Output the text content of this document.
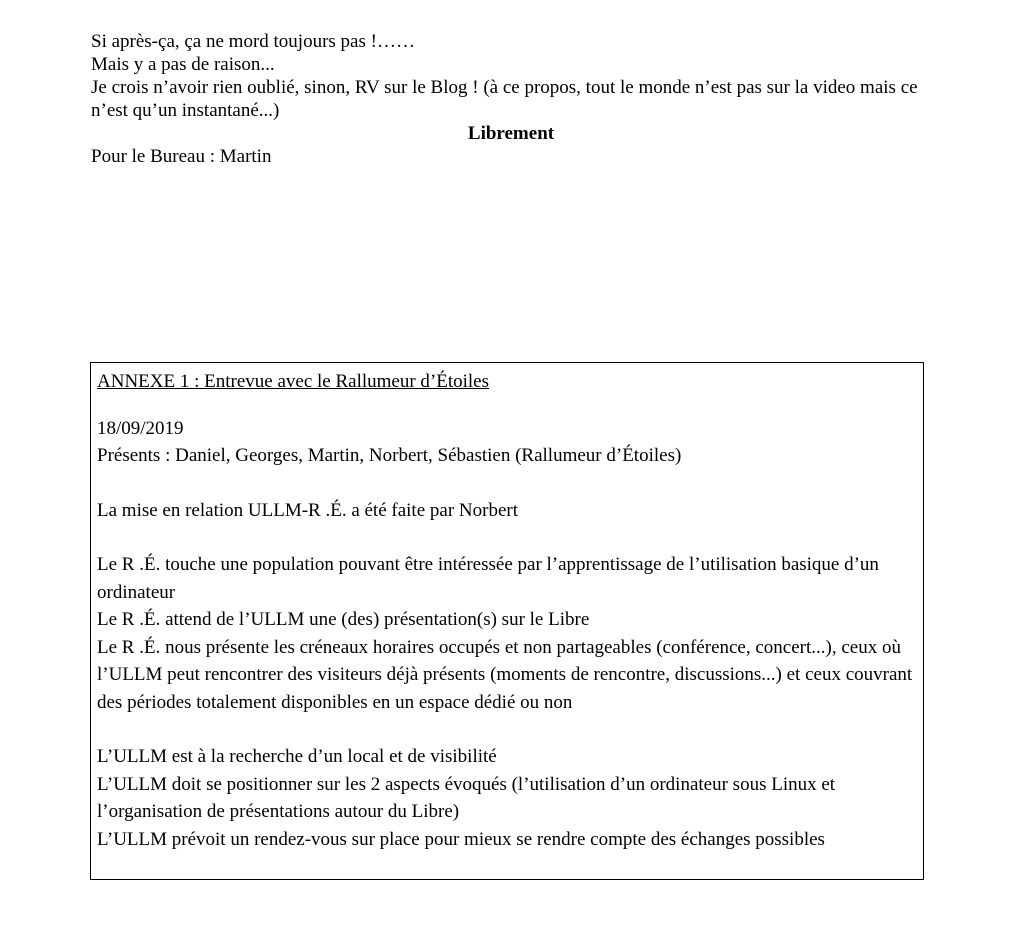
Si après-ça, ça ne mord toujours pas !……

Mais y a pas de raison...

Je crois n’avoir rien oublié, sinon, RV sur le Blog ! (à ce propos, tout le monde n’est pas sur la video mais ce n’est qu’un instantané...)

Librement

Pour le Bureau : Martin

ANNEXE 1 : Entrevue avec le Rallumeur d’Étoiles

18/09/2019

Présents : Daniel, Georges, Martin, Norbert, Sébastien (Rallumeur d’Étoiles)

La mise en relation ULLM-R .É. a été faite par Norbert

Le R .É. touche une population pouvant être intéressée par l’apprentissage de l’utilisation basique d’un ordinateur

Le R .É. attend de l’ULLM une (des) présentation(s) sur le Libre

Le R .É. nous présente les créneaux horaires occupés et non partageables (conférence, concert...), ceux où l’ULLM peut rencontrer des visiteurs déjà présents (moments de rencontre, discussions...) et ceux couvrant des périodes totalement disponibles en un espace dédié ou non

L’ULLM est à la recherche d’un local et de visibilité

L’ULLM doit se positionner sur les 2 aspects évoqués (l’utilisation d’un ordinateur sous Linux et l’organisation de présentations autour du Libre)

L’ULLM prévoit un rendez-vous sur place pour mieux se rendre compte des échanges possibles
